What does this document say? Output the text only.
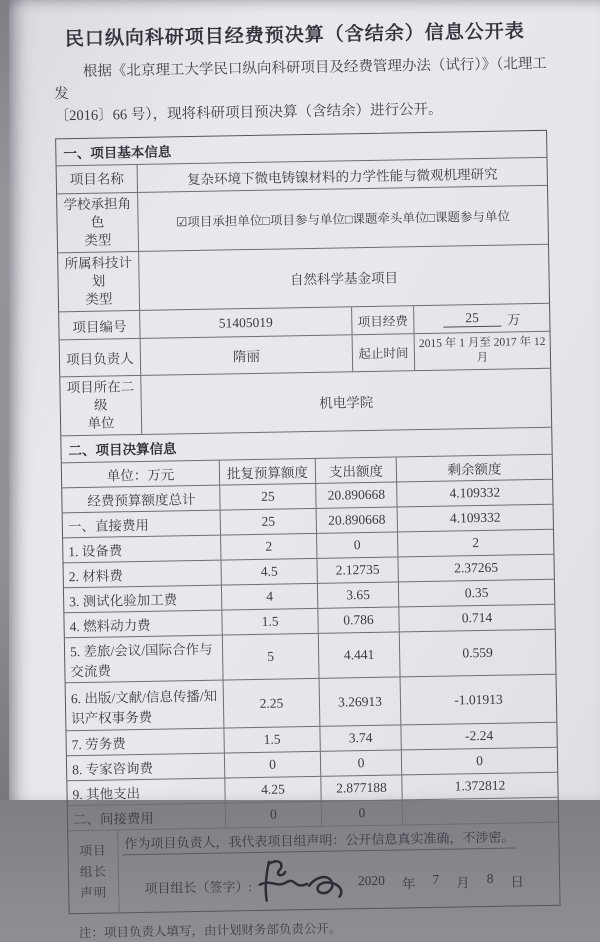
民口纵向科研项目经费预决算（含结余）信息公开表
　　根据《北京理工大学民口纵向科研项目及经费管理办法（试行）》（北理工发
〔2016〕66 号），现将科研项目预决算（含结余）进行公开。
一、项目基本信息
项目名称	复杂环境下微电铸镍材料的力学性能与微观机理研究
学校承担角色
类型
☑项目承担单位□项目参与单位□课题牵头单位□课题参与单位
所属科技计划
类型
自然科学基金项目
项目编号	51405019	项目经费	25	万
项目负责人	隋丽	起止时间
2015 年 1 月至 2017 年 12 月
项目所在二级
单位
机电学院
二、项目决算信息
单位：万元	批复预算额度	支出额度	剩余额度
经费预算额度总计	25	20.890668	4.109332
一、直接费用	25	20.890668	4.109332
1. 设备费	2	0	2
2. 材料费	4.5	2.12735	2.37265
3. 测试化验加工费	4	3.65	0.35
4. 燃料动力费	1.5	0.786	0.714
5. 差旅/会议/国际合作与交流费
5	4.441	0.559
6. 出版/文献/信息传播/知识产权事务费
2.25	3.26913	-1.01913
7. 劳务费	1.5	3.74	-2.24
8. 专家咨询费	0	0	0
9. 其他支出	4.25	2.877188	1.372812
二、间接费用	0	0
项目
组长
声明
作为项目负责人，我代表项目组声明：公开信息真实准确，不涉密。
项目组长（签字）:	2020 年 7 月 8 日
注：项目负责人填写，由计划财务部负责公开。
